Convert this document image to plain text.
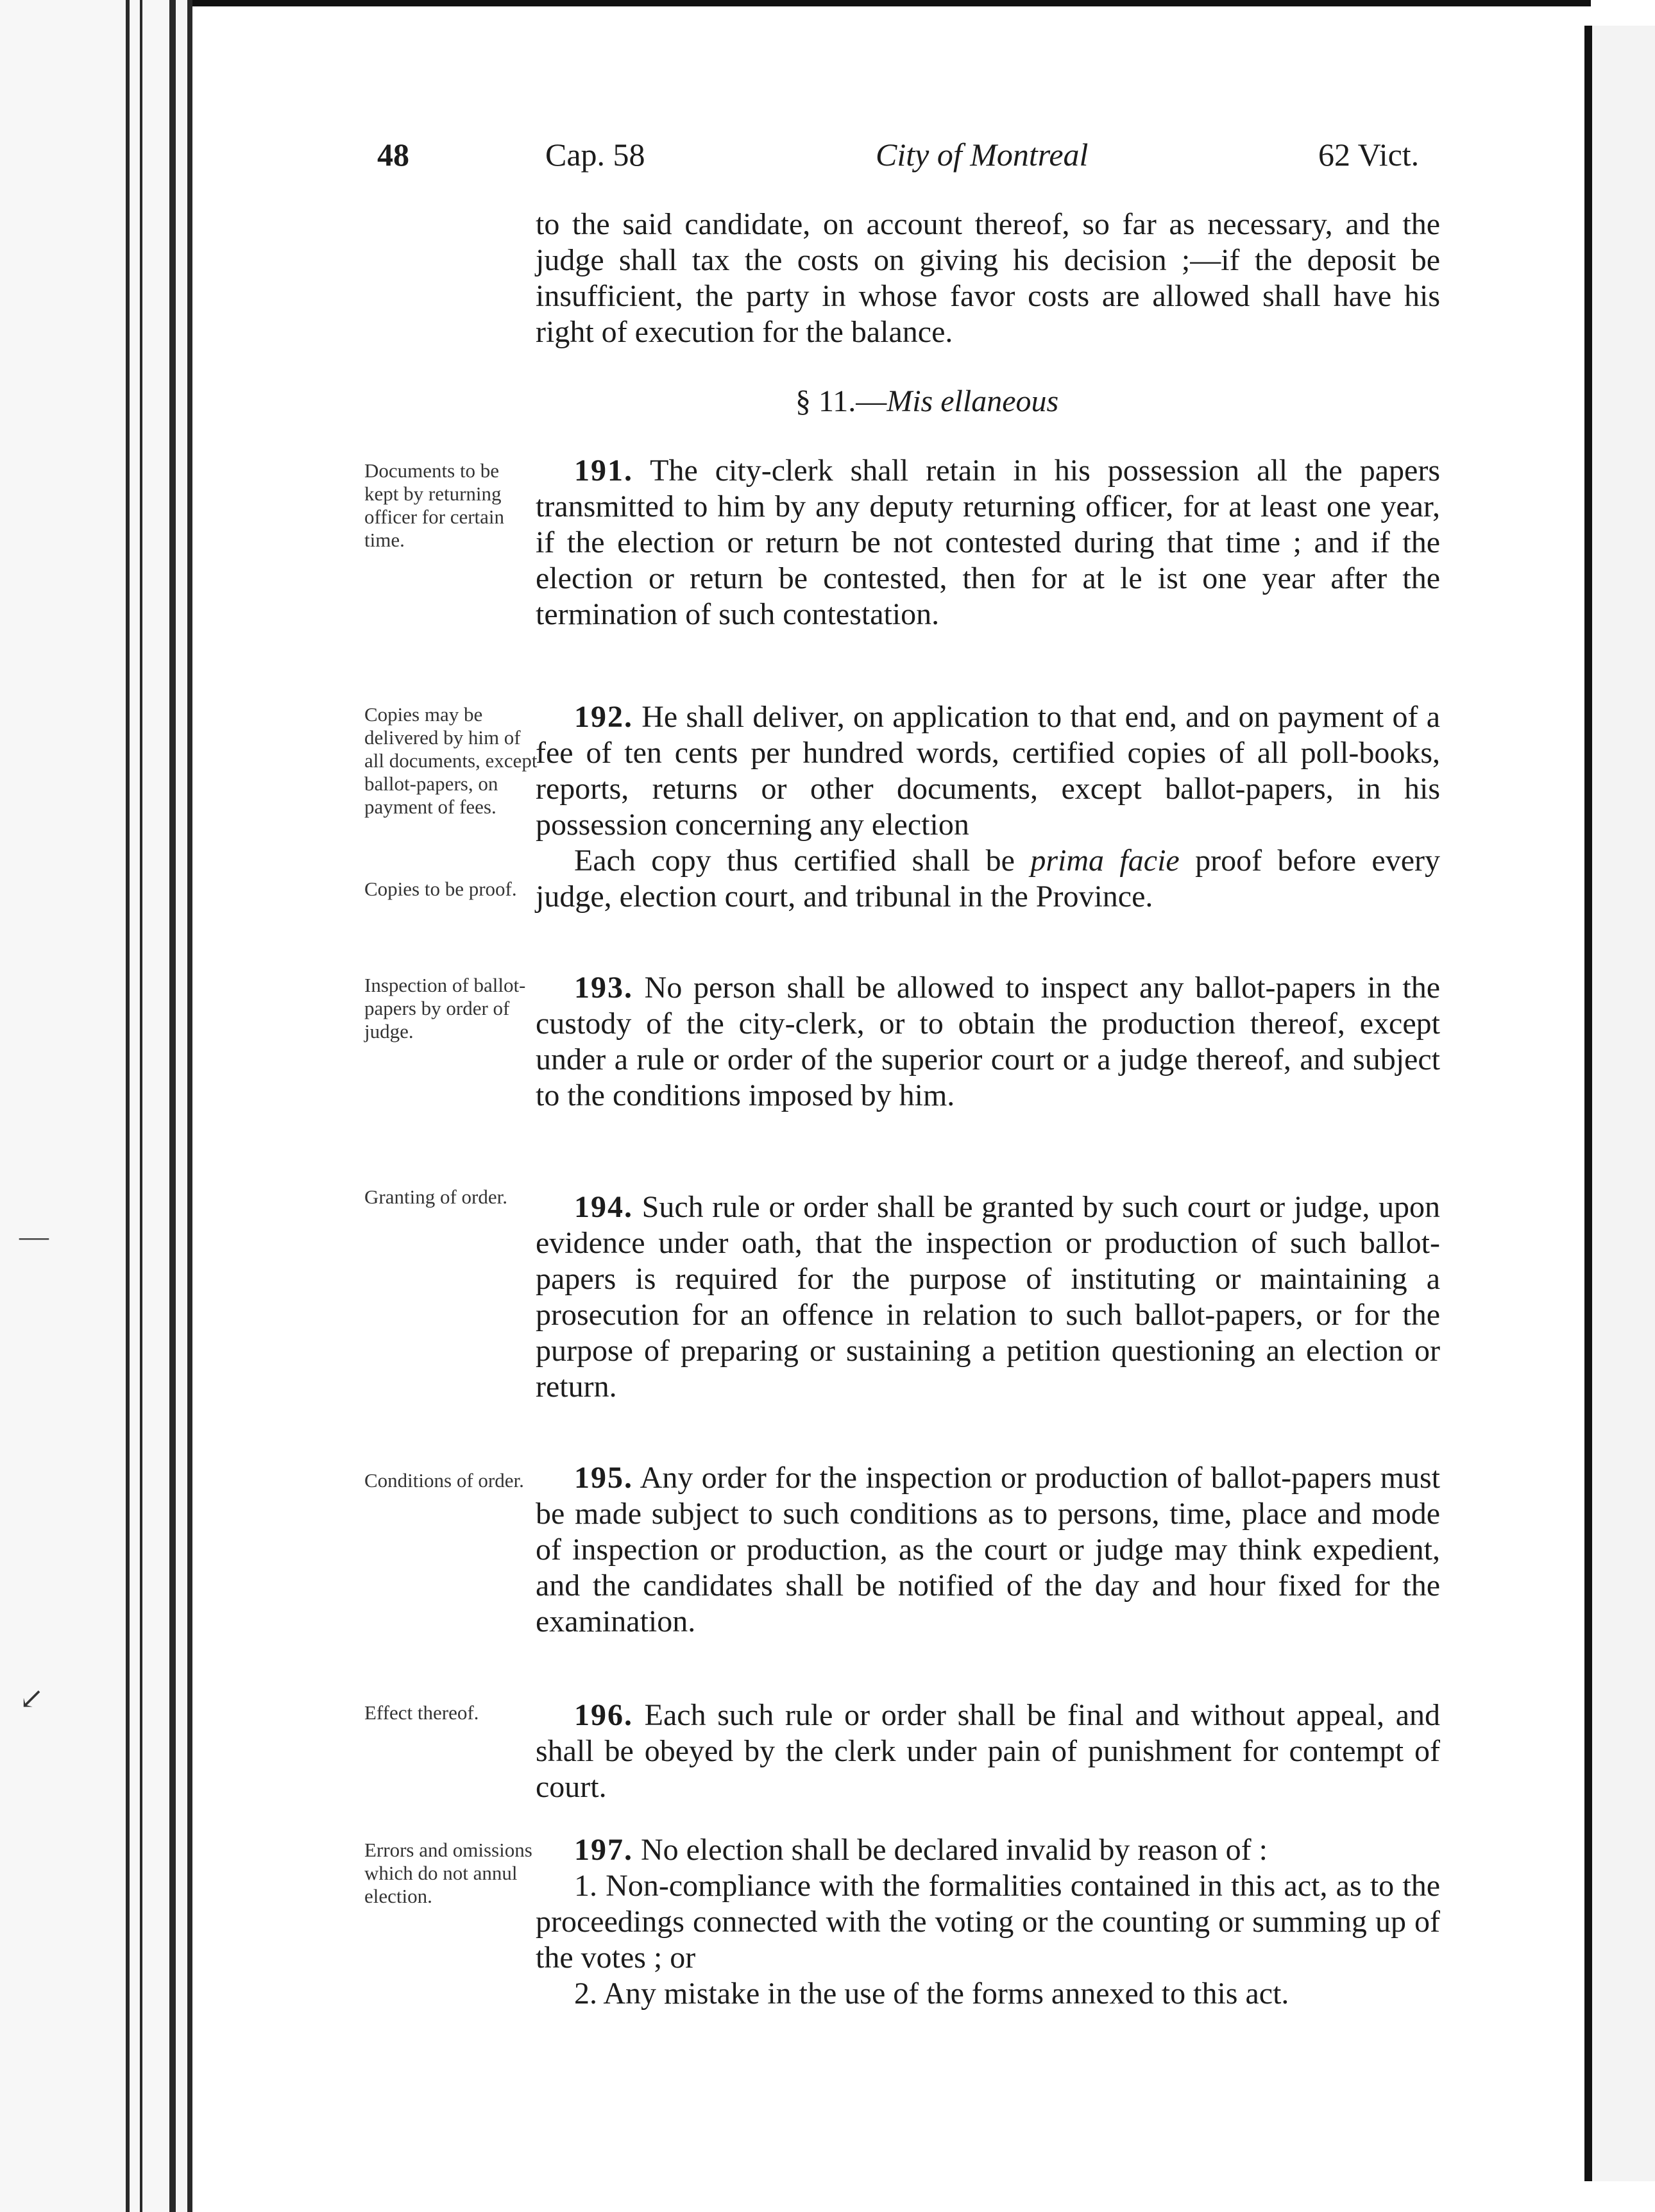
—
↙
48	Cap. 58	City of Montreal	62 Vict.

to the said candidate, on account thereof, so far as necessary, and the judge shall tax the costs on giving his decision ;—if the deposit be insufficient, the party in whose favor costs are allowed shall have his right of execution for the balance.

§ 11.—Mis ellaneous
Documents to be kept by returning officer for certain time.

191. The city-clerk shall retain in his possession all the papers transmitted to him by any deputy returning officer, for at least one year, if the election or return be not contested during that time ; and if the election or return be contested, then for at le ist one year after the termination of such contestation.

Copies may be delivered by him of all documents, except ballot-papers, on payment of fees.
Copies to be proof.

192. He shall deliver, on application to that end, and on payment of a fee of ten cents per hundred words, certified copies of all poll-books, reports, returns or other documents, except ballot-papers, in his possession concerning any election

Each copy thus certified shall be prima facie proof before every judge, election court, and tribunal in the Province.

Inspection of ballot-papers by order of judge.

193. No person shall be allowed to inspect any ballot-papers in the custody of the city-clerk, or to obtain the production thereof, except under a rule or order of the superior court or a judge thereof, and subject to the conditions imposed by him.

Granting of order.	194. Such rule or order shall be granted by such court or judge, upon evidence under oath, that the inspection or production of such ballot-papers is required for the purpose of instituting or maintaining a prosecution for an offence in relation to such ballot-papers, or for the purpose of preparing or sustaining a petition questioning an election or return.

Conditions of order.	195. Any order for the inspection or production of ballot-papers must be made subject to such conditions as to persons, time, place and mode of inspection or production, as the court or judge may think expedient, and the candidates shall be notified of the day and hour fixed for the examination.

Effect thereof.	196. Each such rule or order shall be final and without appeal, and shall be obeyed by the clerk under pain of punishment for contempt of court.

Errors and omissions which do not annul election.

197. No election shall be declared invalid by reason of :

1. Non-compliance with the formalities contained in this act, as to the proceedings connected with the voting or the counting or summing up of the votes ; or

2. Any mistake in the use of the forms annexed to this act.
